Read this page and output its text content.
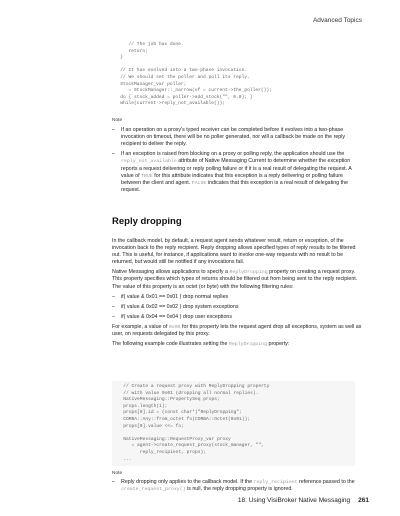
Advanced Topics
// The job has done.
return;
}

// It has evolved into a two-phase invocation.
// We should set the poller and poll its reply.
StockManager_var poller;
= StockManager::_narrow(of = current->the_poller());
do { stock_added = poller->add_stock("", 0.0); }
while(current->reply_not_available());
Note
–	If an operation on a proxy's typed receiver can be completed before it evolves into a two-phase invocation on timeout, there will be no poller generated, nor will a callback be made on the reply recipient to deliver the reply.
–	If an exception is raised from blocking on a proxy or polling reply, the application should use the reply_not_available attribute of Native Messaging Current to determine whether the exception reports a request delivering or reply polling failure or if it is a real result of delegating the request. A value of TRUE for this attribute indicates that this exception is a reply delivering or polling failure between the client and agent. FALSE indicates that this exception is a real result of delegating the request.
Reply dropping

In the callback model, by default, a request agent sends whatever result, return or exception, of the invocation back to the reply recipient. Reply dropping allows specified types of reply results to be filtered out. This is useful, for instance, if applications want to invoke one-way requests with no result to be returned, but would still be notified if any invocations fail.

Native Messaging allows applications to specify a ReplyDropping property on creating a request proxy. This property specifies which types of returns should be filtered out from being sent to the reply recipient. The value of this property is an octet (or byte) with the following filtering rules:

–	if( value & 0x01 == 0x01 ) drop normal replies
–	if( value & 0x02 == 0x02 ) drop system exceptions
–	if( value & 0x04 == 0x04 ) drop user exceptions

For example, a value of 0x06 for this property lets the request agent drop all exceptions, system as well as user, on requests delegated by this proxy.

The following example code illustrates setting the ReplyDropping property:

// Create a request proxy with ReplyDropping property
// with value 0x01 (dropping all normal replies).
NativeMessaging::PropertySeq props;
props.length(1);
props[0].id = (const char*)"ReplyDropping";
CORBA::Any::from_octet fo(CORBA::Octet(0x01));
props[0].value <<= fo;

NativeMessaging::RequestProxy_var proxy
= agent->create_request_proxy(stock_manager, "",
reply_recipient, props);
...
Note
–	Reply dropping only applies to the callback model. If the reply_recipient reference passed to the create_request_proxy() is null, the reply dropping property is ignored.
18: Using VisiBroker Native Messaging 261
